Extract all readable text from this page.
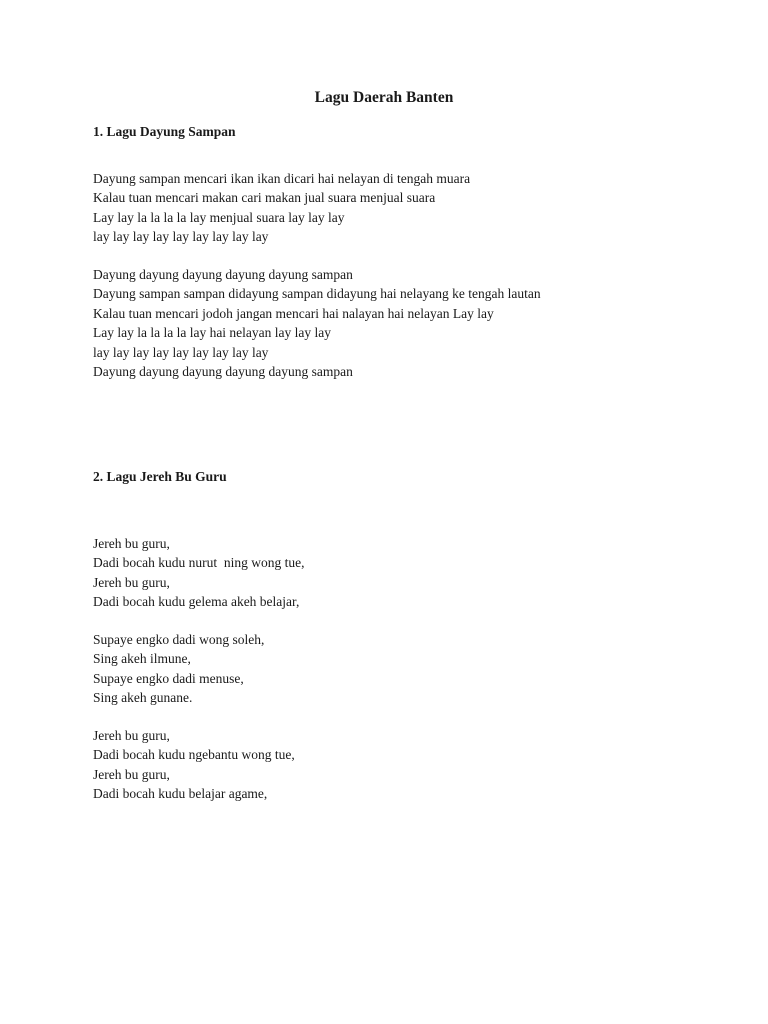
Lagu Daerah Banten
1. Lagu Dayung Sampan
Dayung sampan mencari ikan ikan dicari hai nelayan di tengah muara
Kalau tuan mencari makan cari makan jual suara menjual suara
Lay lay la la la la lay menjual suara lay lay lay
lay lay lay lay lay lay lay lay lay
Dayung dayung dayung dayung dayung sampan
Dayung sampan sampan didayung sampan didayung hai nelayang ke tengah lautan
Kalau tuan mencari jodoh jangan mencari hai nalayan hai nelayan Lay lay
Lay lay la la la la lay hai nelayan lay lay lay
lay lay lay lay lay lay lay lay lay
Dayung dayung dayung dayung dayung sampan
2. Lagu Jereh Bu Guru
Jereh bu guru,
Dadi bocah kudu nurut  ning wong tue,
Jereh bu guru,
Dadi bocah kudu gelema akeh belajar,
Supaye engko dadi wong soleh,
Sing akeh ilmune,
Supaye engko dadi menuse,
Sing akeh gunane.
Jereh bu guru,
Dadi bocah kudu ngebantu wong tue,
Jereh bu guru,
Dadi bocah kudu belajar agame,
